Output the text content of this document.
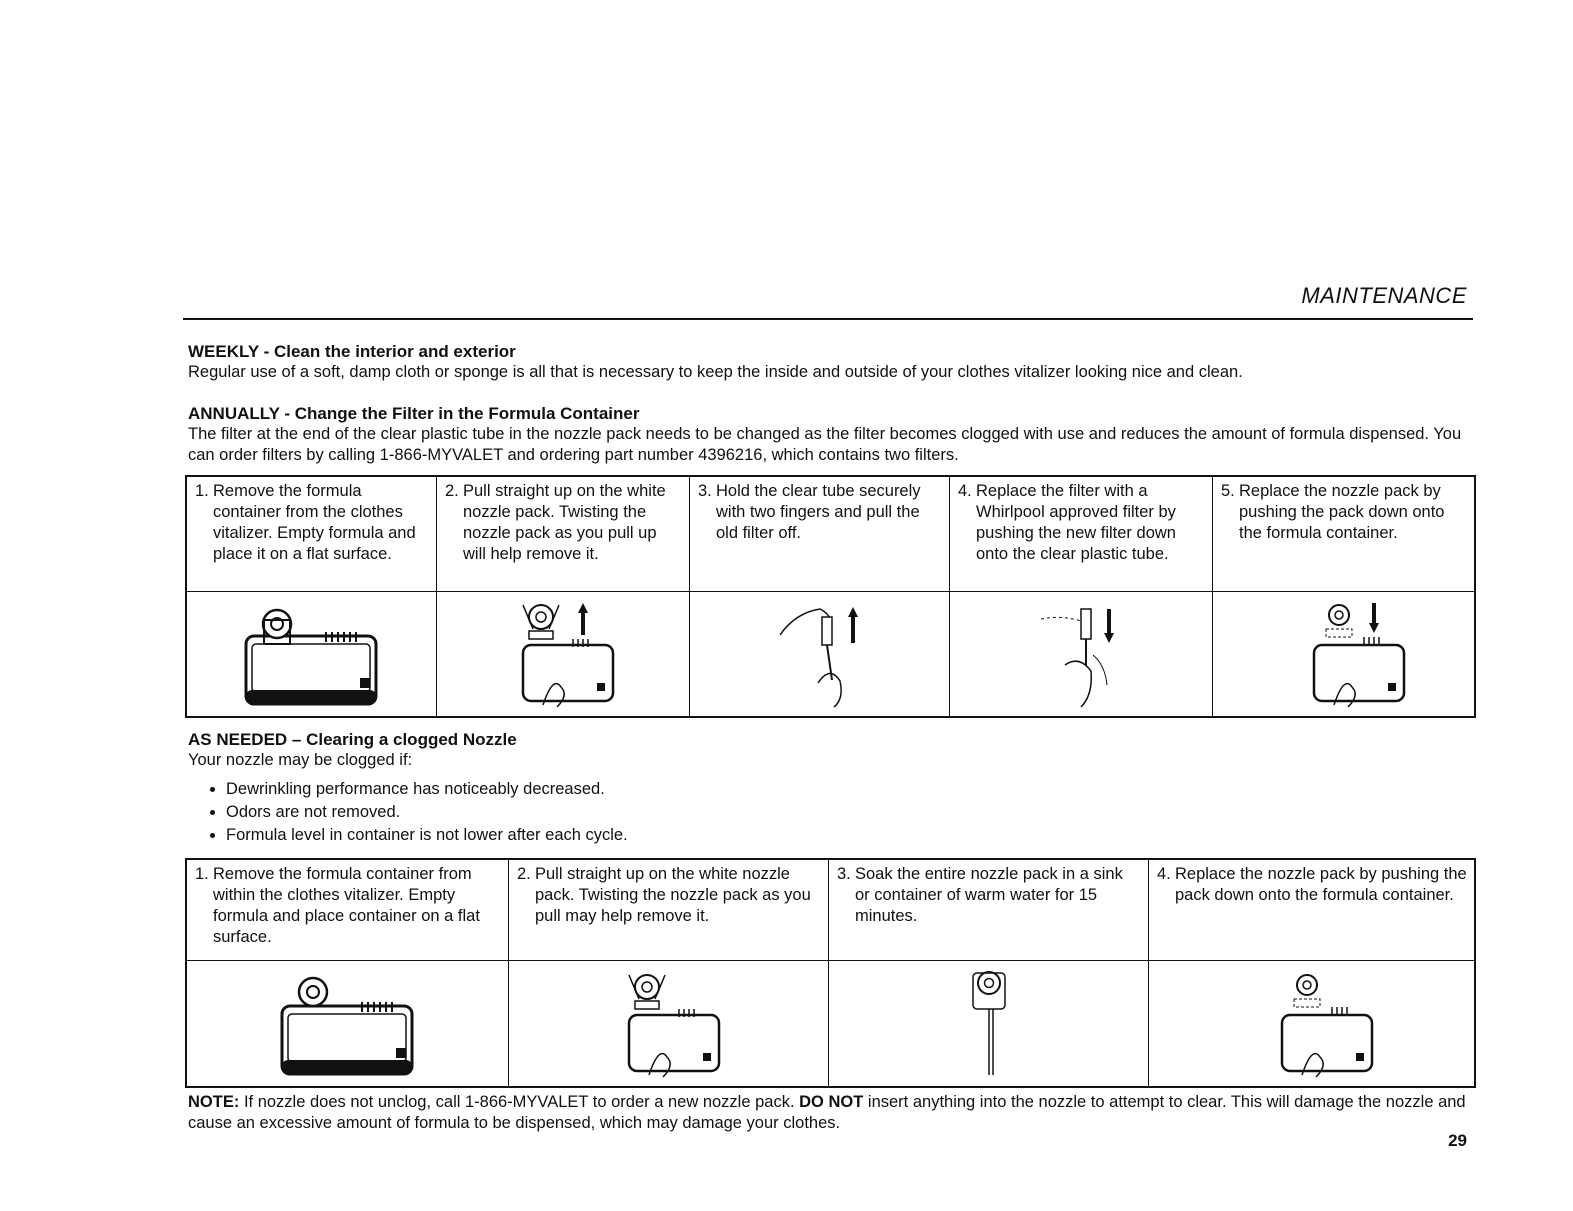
MAINTENANCE
WEEKLY - Clean the interior and exterior

Regular use of a soft, damp cloth or sponge is all that is necessary to keep the inside and outside of your clothes vitalizer looking nice and clean.

ANNUALLY - Change the Filter in the Formula Container

The filter at the end of the clear plastic tube in the nozzle pack needs to be changed as the filter becomes clogged with use and reduces the amount of formula dispensed. You can order filters by calling 1-866-MYVALET and ordering part number 4396216, which contains two filters.

1. Remove the formula container from the clothes vitalizer. Empty formula and place it on a flat surface.
2. Pull straight up on the white nozzle pack. Twisting the nozzle pack as you pull up will help remove it.
3. Hold the clear tube securely with two fingers and pull the old filter off.
4. Replace the filter with a Whirlpool approved filter by pushing the new filter down onto the clear plastic tube.
5. Replace the nozzle pack by pushing the pack down onto the formula container.
AS NEEDED – Clearing a clogged Nozzle

Your nozzle may be clogged if:

• Dewrinkling performance has noticeably decreased.
• Odors are not removed.
• Formula level in container is not lower after each cycle.
1. Remove the formula container from within the clothes vitalizer. Empty formula and place container on a flat surface.
2. Pull straight up on the white nozzle pack. Twisting the nozzle pack as you pull may help remove it.
3. Soak the entire nozzle pack in a sink or container of warm water for 15 minutes.
4. Replace the nozzle pack by pushing the pack down onto the formula container.
NOTE: If nozzle does not unclog, call 1-866-MYVALET to order a new nozzle pack. DO NOT insert anything into the nozzle to attempt to clear. This will damage the nozzle and cause an excessive amount of formula to be dispensed, which may damage your clothes.
29
